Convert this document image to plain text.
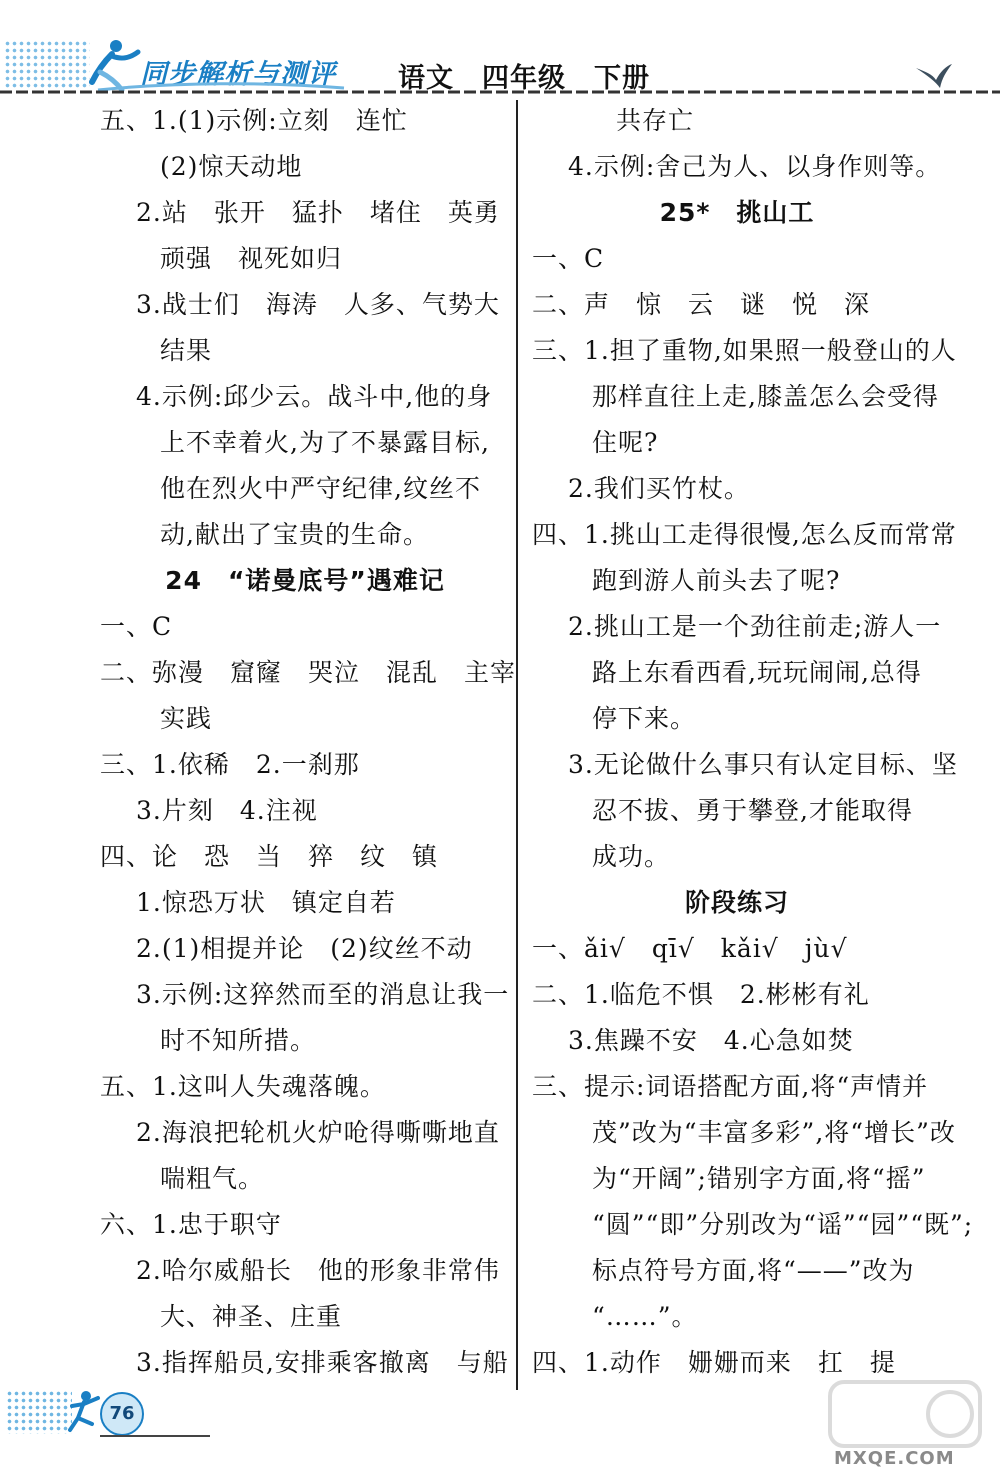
同步解析与测评 语文 四年级 下册
五、1.(1)示例:立刻　连忙
(2)惊天动地
2.站　张开　猛扑　堵住　英勇
顽强　视死如归
3.战士们　海涛　人多、气势大
结果
4.示例:邱少云。战斗中,他的身
上不幸着火,为了不暴露目标,
他在烈火中严守纪律,纹丝不
动,献出了宝贵的生命。
24　“诺曼底号”遇难记
一、C
二、弥漫　窟窿　哭泣　混乱　主宰
实践
三、1.依稀　2.一刹那
3.片刻　4.注视
四、论　恐　当　猝　纹　镇
1.惊恐万状　镇定自若
2.(1)相提并论　(2)纹丝不动
3.示例:这猝然而至的消息让我一
时不知所措。
五、1.这叫人失魂落魄。
2.海浪把轮机火炉呛得嘶嘶地直
喘粗气。
六、1.忠于职守
2.哈尔威船长　他的形象非常伟
大、神圣、庄重
3.指挥船员,安排乘客撤离　与船
共存亡
4.示例:舍己为人、以身作则等。
25*　挑山工
一、C
二、声　惊　云　谜　悦　深
三、1.担了重物,如果照一般登山的人
那样直往上走,膝盖怎么会受得
住呢?
2.我们买竹杖。
四、1.挑山工走得很慢,怎么反而常常
跑到游人前头去了呢?
2.挑山工是一个劲往前走;游人一
路上东看西看,玩玩闹闹,总得
停下来。
3.无论做什么事只有认定目标、坚
忍不拔、勇于攀登,才能取得
成功。
阶段练习
一、ǎi√　qī√　kǎi√　jù√
二、1.临危不惧　2.彬彬有礼
3.焦躁不安　4.心急如焚
三、提示:词语搭配方面,将“声情并
茂”改为“丰富多彩”,将“增长”改
为“开阔”;错别字方面,将“摇”
“圆”“即”分别改为“谣”“园”“既”;
标点符号方面,将“——”改为
“……”。
四、1.动作　姗姗而来　扛　提
76
MXQE.COM
